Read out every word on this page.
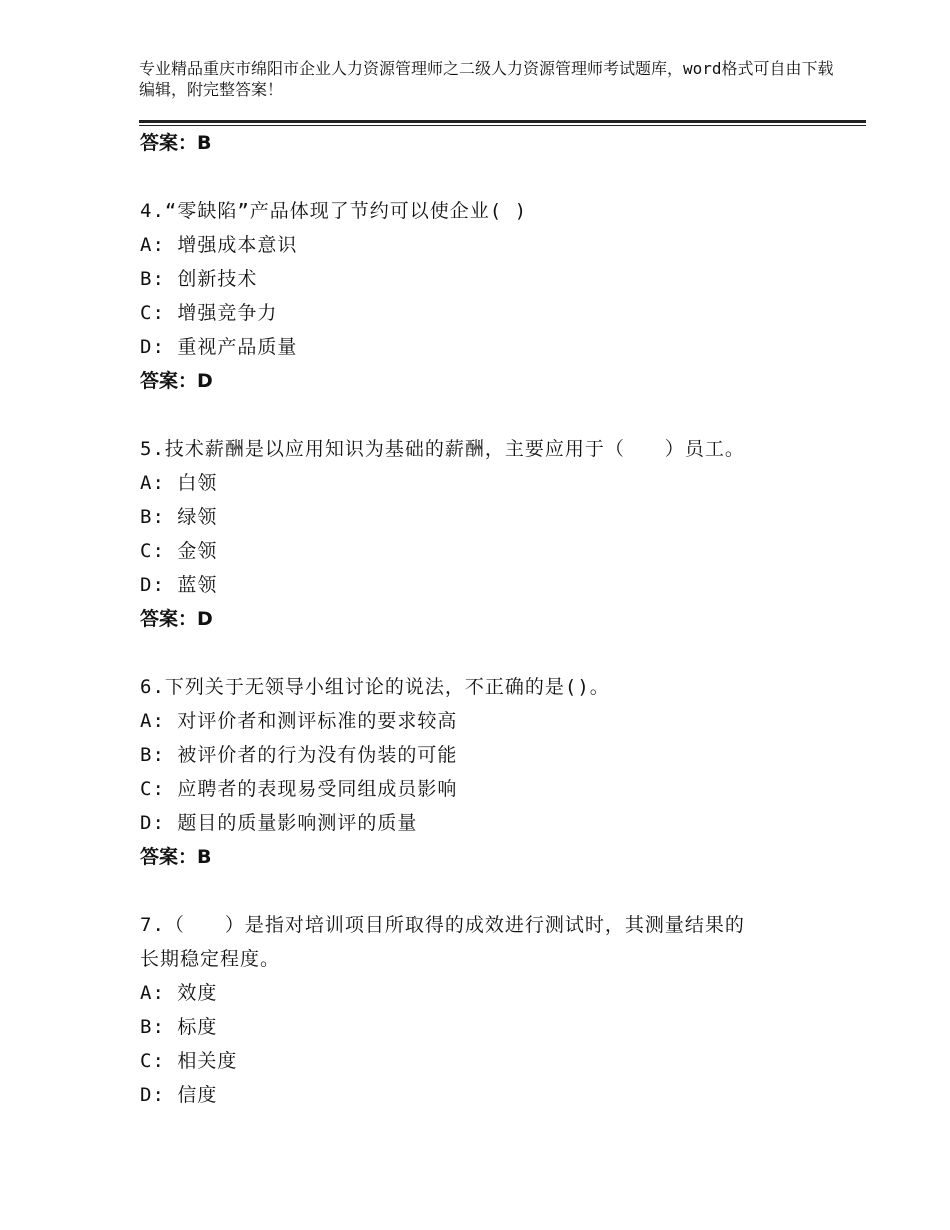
专业精品重庆市绵阳市企业人力资源管理师之二级人力资源管理师考试题库，word格式可自由下载编辑，附完整答案！
答案：B
4.“零缺陷”产品体现了节约可以使企业( )
A: 增强成本意识
B: 创新技术
C: 增强竞争力
D: 重视产品质量
答案：D
5.技术薪酬是以应用知识为基础的薪酬，主要应用于（　　）员工。
A: 白领
B: 绿领
C: 金领
D: 蓝领
答案：D
6.下列关于无领导小组讨论的说法，不正确的是()。
A: 对评价者和测评标准的要求较高
B: 被评价者的行为没有伪装的可能
C: 应聘者的表现易受同组成员影响
D: 题目的质量影响测评的质量
答案：B
7.（　　）是指对培训项目所取得的成效进行测试时，其测量结果的
长期稳定程度。
A: 效度
B: 标度
C: 相关度
D: 信度
